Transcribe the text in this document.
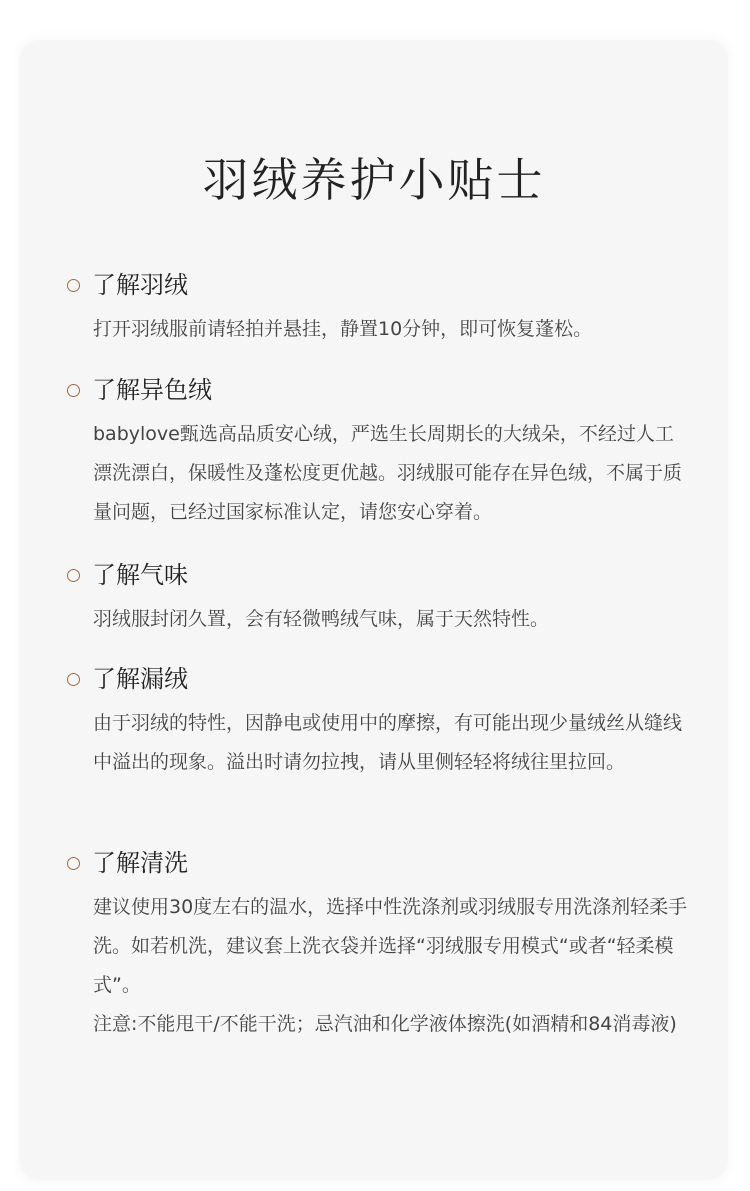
羽绒养护小贴士
了解羽绒

打开羽绒服前请轻拍并悬挂，静置10分钟，即可恢复蓬松。

了解异色绒

babylove甄选高品质安心绒，严选生长周期长的大绒朵，不经过人工漂洗漂白，保暖性及蓬松度更优越。羽绒服可能存在异色绒，不属于质量问题，已经过国家标准认定，请您安心穿着。

了解气味

羽绒服封闭久置，会有轻微鸭绒气味，属于天然特性。

了解漏绒

由于羽绒的特性，因静电或使用中的摩擦，有可能出现少量绒丝从缝线中溢出的现象。溢出时请勿拉拽，请从里侧轻轻将绒往里拉回。

了解清洗

建议使用30度左右的温水，选择中性洗涤剂或羽绒服专用洗涤剂轻柔手洗。如若机洗，建议套上洗衣袋并选择“羽绒服专用模式“或者“轻柔模式”。

注意:不能甩干/不能干洗；忌汽油和化学液体擦洗(如酒精和84消毒液)
